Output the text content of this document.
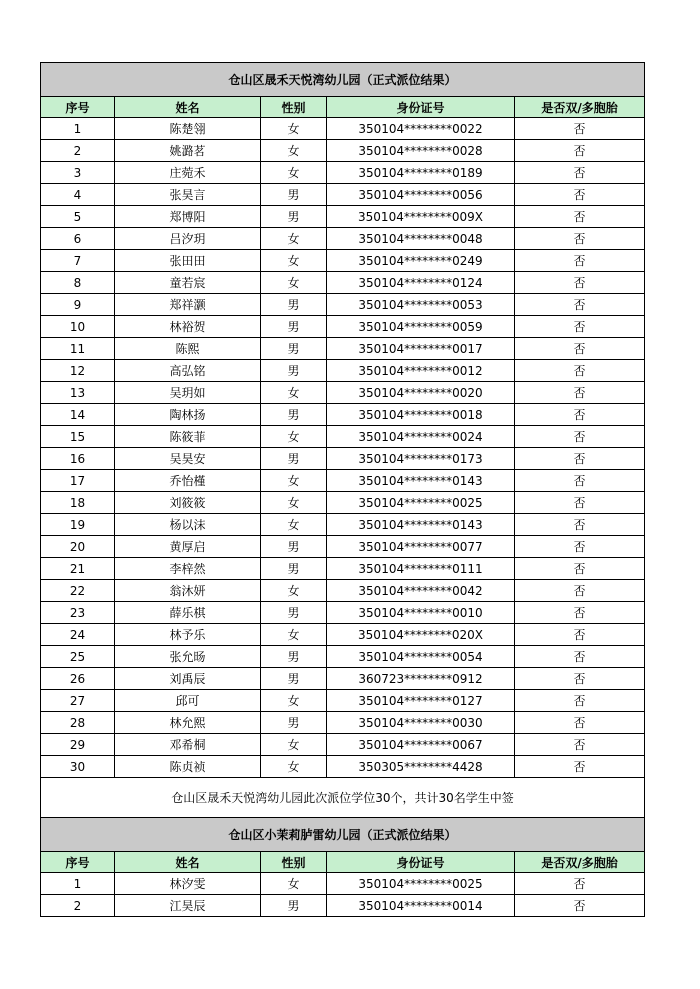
仓山区晟禾天悦湾幼儿园（正式派位结果）				
序号	姓名	性别	身份证号	是否双/多胞胎
1	陈楚翎	女	350104********0022	否
2	姚潞茗	女	350104********0028	否
3	庄菀禾	女	350104********0189	否
4	张昊言	男	350104********0056	否
5	郑博阳	男	350104********009X	否
6	吕汐玥	女	350104********0048	否
7	张田田	女	350104********0249	否
8	童若宸	女	350104********0124	否
9	郑祥灏	男	350104********0053	否
10	林裕贺	男	350104********0059	否
11	陈熙	男	350104********0017	否
12	高弘铭	男	350104********0012	否
13	吴玥如	女	350104********0020	否
14	陶林扬	男	350104********0018	否
15	陈筱菲	女	350104********0024	否
16	吴昊安	男	350104********0173	否
17	乔怡槿	女	350104********0143	否
18	刘筱筱	女	350104********0025	否
19	杨以沫	女	350104********0143	否
20	黄厚启	男	350104********0077	否
21	李梓然	男	350104********0111	否
22	翁沐妍	女	350104********0042	否
23	薛乐棋	男	350104********0010	否
24	林予乐	女	350104********020X	否
25	张允旸	男	350104********0054	否
26	刘禹辰	男	360723********0912	否
27	邱可	女	350104********0127	否
28	林允熙	男	350104********0030	否
29	邓希桐	女	350104********0067	否
30	陈贞祯	女	350305********4428	否
仓山区晟禾天悦湾幼儿园此次派位学位30个，共计30名学生中签				
仓山区小茉莉胪雷幼儿园（正式派位结果）				
序号	姓名	性别	身份证号	是否双/多胞胎
1	林汐雯	女	350104********0025	否
2	江昊辰	男	350104********0014	否
